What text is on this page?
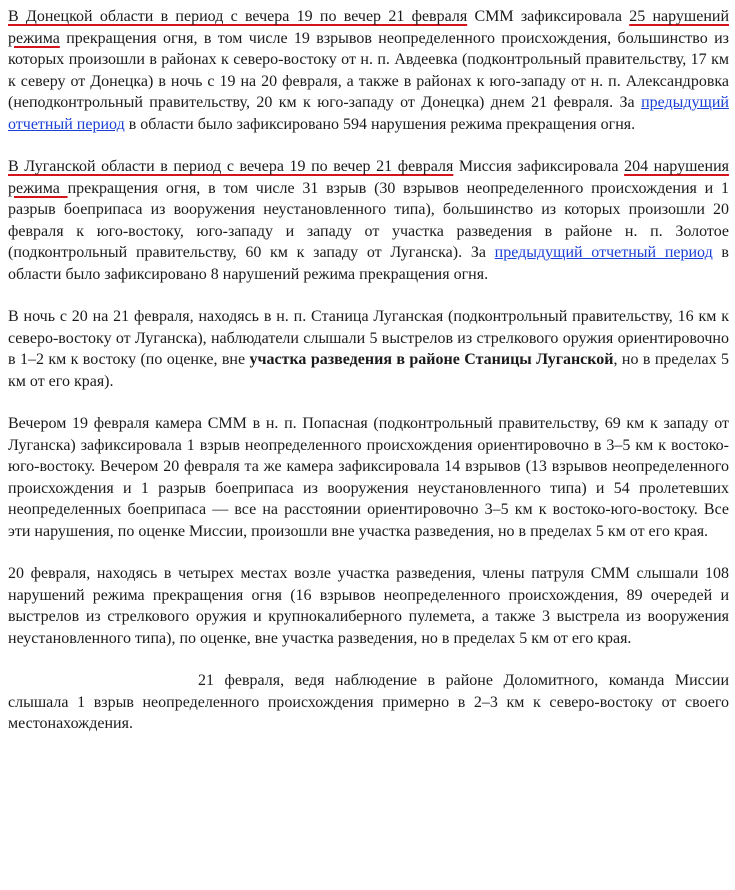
В Донецкой области в период с вечера 19 по вечер 21 февраля СММ зафиксировала 25 нарушений режима прекращения огня, в том числе 19 взрывов неопределенного происхождения, большинство из которых произошли в районах к северо-востоку от н. п. Авдеевка (подконтрольный правительству, 17 км к северу от Донецка) в ночь с 19 на 20 февраля, а также в районах к юго-западу от н. п. Александровка (неподконтрольный правительству, 20 км к юго-западу от Донецка) днем 21 февраля. За предыдущий отчетный период в области было зафиксировано 594 нарушения режима прекращения огня.

В Луганской области в период с вечера 19 по вечер 21 февраля Миссия зафиксировала 204 нарушения режима прекращения огня, в том числе 31 взрыв (30 взрывов неопределенного происхождения и 1 разрыв боеприпаса из вооружения неустановленного типа), большинство из которых произошли 20 февраля к юго-востоку, юго-западу и западу от участка разведения в районе н. п. Золотое (подконтрольный правительству, 60 км к западу от Луганска). За предыдущий отчетный период в области было зафиксировано 8 нарушений режима прекращения огня.

В ночь с 20 на 21 февраля, находясь в н. п. Станица Луганская (подконтрольный правительству, 16 км к северо-востоку от Луганска), наблюдатели слышали 5 выстрелов из стрелкового оружия ориентировочно в 1–2 км к востоку (по оценке, вне участка разведения в районе Станицы Луганской, но в пределах 5 км от его края).

Вечером 19 февраля камера СММ в н. п. Попасная (подконтрольный правительству, 69 км к западу от Луганска) зафиксировала 1 взрыв неопределенного происхождения ориентировочно в 3–5 км к востоко-юго-востоку. Вечером 20 февраля та же камера зафиксировала 14 взрывов (13 взрывов неопределенного происхождения и 1 разрыв боеприпаса из вооружения неустановленного типа) и 54 пролетевших неопределенных боеприпаса — все на расстоянии ориентировочно 3–5 км к востоко-юго-востоку. Все эти нарушения, по оценке Миссии, произошли вне участка разведения, но в пределах 5 км от его края.

20 февраля, находясь в четырех местах возле участка разведения, члены патруля СММ слышали 108 нарушений режима прекращения огня (16 взрывов неопределенного происхождения, 89 очередей и выстрелов из стрелкового оружия и крупнокалиберного пулемета, а также 3 выстрела из вооружения неустановленного типа), по оценке, вне участка разведения, но в пределах 5 км от его края.

21 февраля, ведя наблюдение в районе Доломитного, команда Миссии слышала 1 взрыв неопределенного происхождения примерно в 2–3 км к северо-востоку от своего местонахождения.
